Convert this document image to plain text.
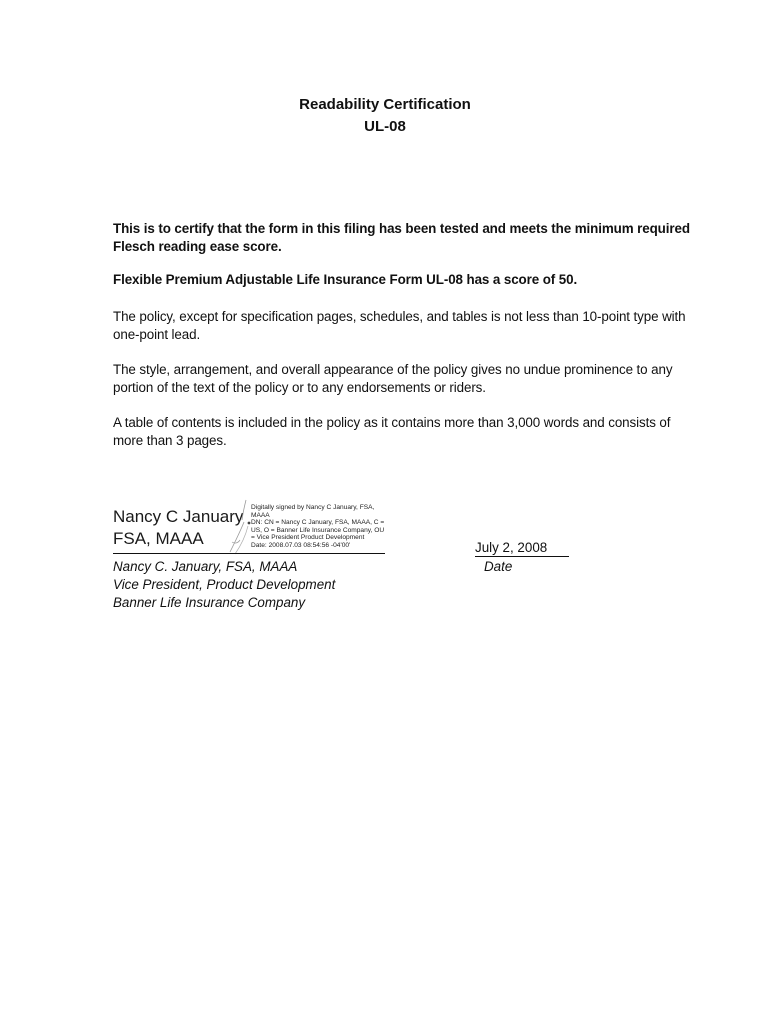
Readability Certification
UL-08
This is to certify that the form in this filing has been tested and meets the minimum required
Flesch reading ease score.
Flexible Premium Adjustable Life Insurance Form UL-08 has a score of 50.
The policy, except for specification pages, schedules, and tables is not less than 10-point type with
one-point lead.
The style, arrangement, and overall appearance of the policy gives no undue prominence to any
portion of the text of the policy or to any endorsements or riders.
A table of contents is included in the policy as it contains more than 3,000 words and consists of
more than 3 pages.
Nancy C January
FSA, MAAA
Digitally signed by Nancy C January, FSA,
MAAA
DN: CN = Nancy C January, FSA, MAAA, C =
US, O = Banner Life Insurance Company, OU
= Vice President Product Development
Date: 2008.07.03 08:54:56 -04'00'
Nancy C. January, FSA, MAAA
Vice President, Product Development
Banner Life Insurance Company
July 2, 2008
Date
